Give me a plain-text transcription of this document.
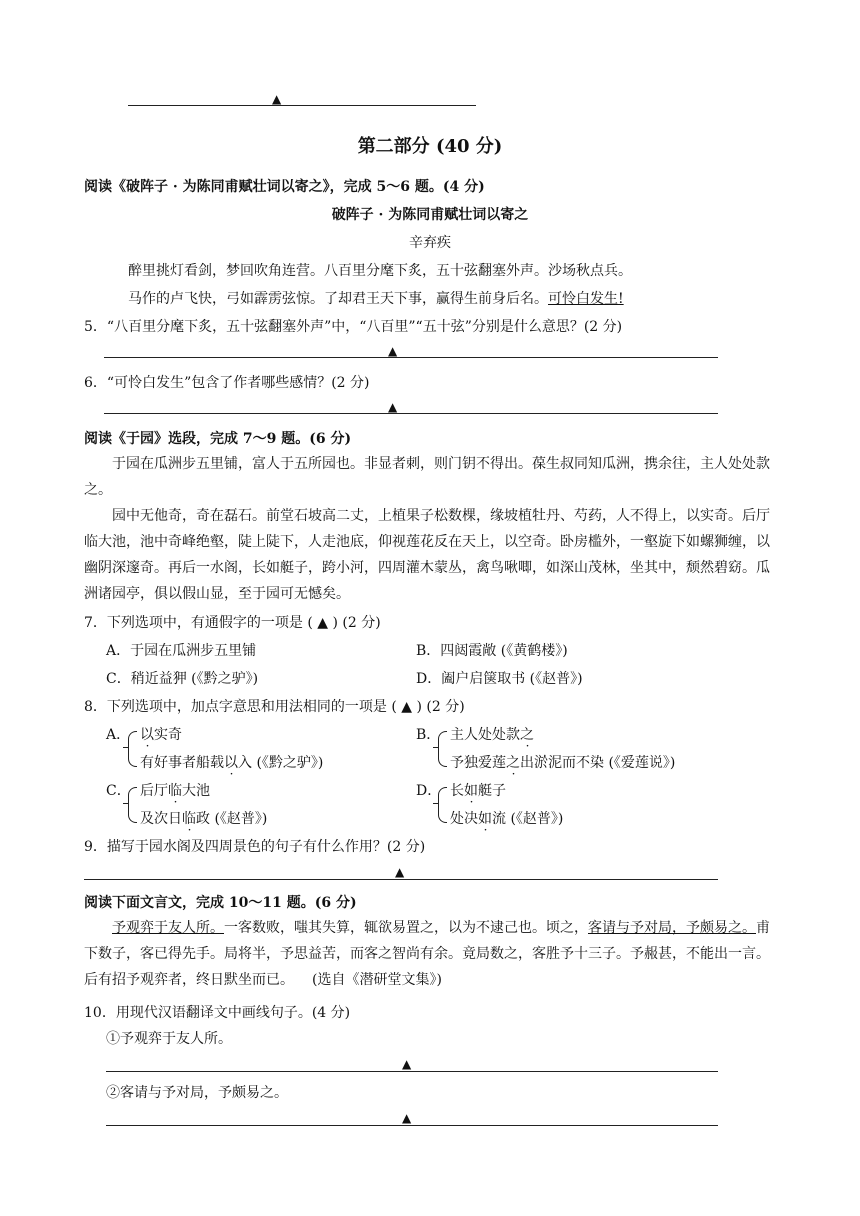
▲
第二部分 (40 分)
阅读《破阵子 · 为陈同甫赋壮词以寄之》，完成 5～6 题。(4 分)
破阵子 · 为陈同甫赋壮词以寄之
辛弃疾
醉里挑灯看剑，梦回吹角连营。八百里分麾下炙，五十弦翻塞外声。沙场秋点兵。
马作的卢飞快，弓如霹雳弦惊。了却君王天下事，赢得生前身后名。可怜白发生!
5．“八百里分麾下炙，五十弦翻塞外声”中，“八百里”“五十弦”分别是什么意思？(2 分)
▲
6．“可怜白发生”包含了作者哪些感情？(2 分)
▲
阅读《于园》选段，完成 7～9 题。(6 分)
于园在瓜洲步五里铺，富人于五所园也。非显者刺，则门钥不得出。葆生叔同知瓜洲，携余往，主人处处款之。
园中无他奇，奇在磊石。前堂石坡高二丈，上植果子松数棵，缘坡植牡丹、芍药，人不得上，以实奇。后厅临大池，池中奇峰绝壑，陡上陡下，人走池底，仰视莲花反在天上，以空奇。卧房槛外，一壑旋下如螺狮缠，以幽阴深邃奇。再后一水阁，长如艇子，跨小河，四周灌木蒙丛，禽鸟啾唧，如深山茂林，坐其中，颓然碧窈。瓜洲诸园亭，俱以假山显，至于园可无憾矣。
7．下列选项中，有通假字的一项是 ( ▲ ) (2 分)
A．于园在瓜洲步五里铺	B．四闼霞敞 (《黄鹤楼》)
C．稍近益狎 (《黔之驴》)	D．阖户启箧取书 (《赵普》)
8．下列选项中，加点字意思和用法相同的一项是 ( ▲ ) (2 分)
A． 以实奇
有好事者船载以入 (《黔之驴》)
B． 主人处处款之
予独爱莲之出淤泥而不染 (《爱莲说》)
C． 后厅临大池
及次日临政 (《赵普》)
D． 长如艇子
处决如流 (《赵普》)
9．描写于园水阁及四周景色的句子有什么作用？(2 分)
▲
阅读下面文言文，完成 10～11 题。(6 分)
予观弈于友人所。一客数败，嗤其失算，辄欲易置之，以为不逮己也。顷之，客请与予对局，予颇易之。甫下数子，客已得先手。局将半，予思益苦，而客之智尚有余。竟局数之，客胜予十三子。予赧甚，不能出一言。后有招予观弈者，终日默坐而已。 (选自《潜研堂文集》)
10．用现代汉语翻译文中画线句子。(4 分)
①予观弈于友人所。
▲
②客请与予对局，予颇易之。
▲
